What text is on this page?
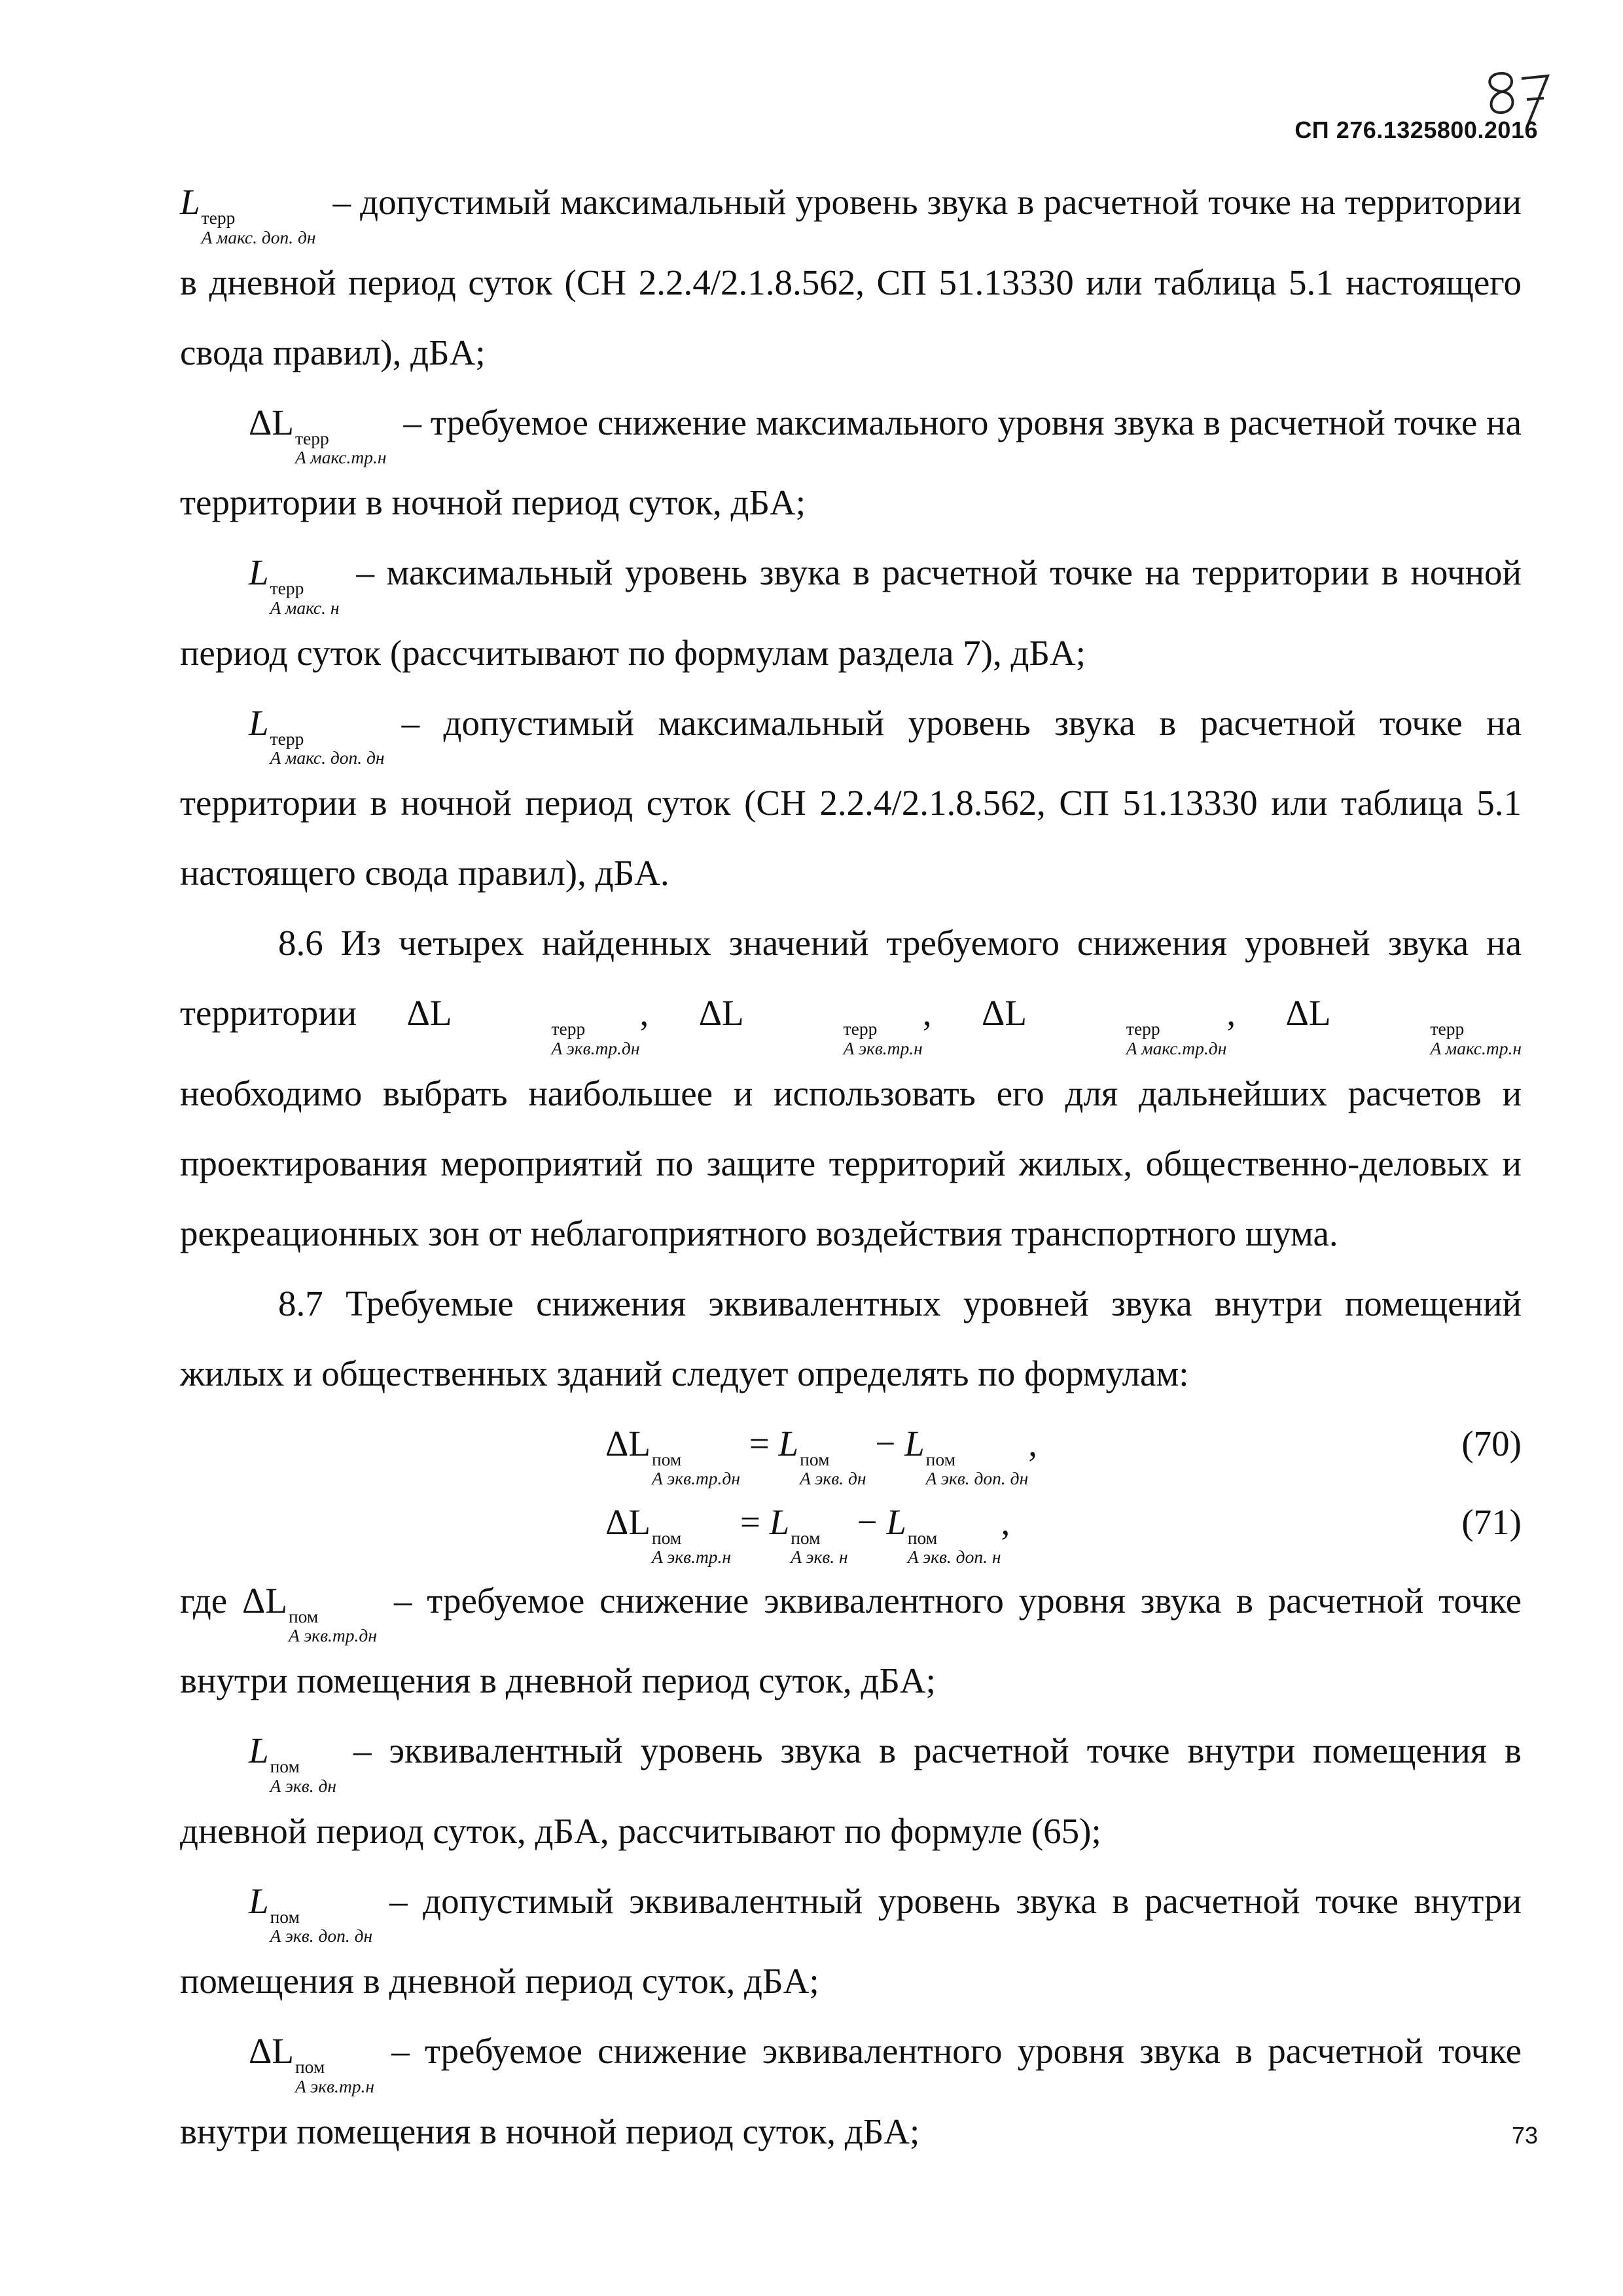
СП 276.1325800.2016

L терр
A макс. доп. дн
– допустимый максимальный уровень звука в расчетной точке на территории в дневной период суток (СН 2.2.4/2.1.8.562, СП 51.13330 или таблица 5.1 настоящего свода правил), дБA;

ΔL терр
A макс.тр.н
– требуемое снижение максимального уровня звука в расчетной точке на территории в ночной период суток, дБA;

L терр
A макс. н
– максимальный уровень звука в расчетной точке на территории в ночной период суток (рассчитывают по формулам раздела 7), дБA;

L терр
A макс. доп. дн
– допустимый максимальный уровень звука в расчетной точке на территории в ночной период суток (СН 2.2.4/2.1.8.562, СП 51.13330 или таблица 5.1 настоящего свода правил), дБA.

8.6 Из четырех найденных значений требуемого снижения уровней звука на территории ΔL	терр
A экв.тр.дн
, ΔL	терр
A экв.тр.н
, ΔL	терр
A макс.тр.дн
, ΔL	терр
A макс.тр.н
необходимо выбрать наибольшее и использовать его для дальнейших расчетов и проектирования мероприятий по защите территорий жилых, общественно-деловых и рекреационных зон от неблагоприятного воздействия транспортного шума.

8.7 Требуемые снижения эквивалентных уровней звука внутри помещений жилых и общественных зданий следует определять по формулам:

ΔL пом
A экв.тр.дн
= L пом
A экв. дн
− L пом
A экв. доп. дн
,	(70)
ΔL пом
A экв.тр.н
= L пом
A экв. н
− L пом
A экв. доп. н
,	(71)

где ΔL пом
A экв.тр.дн
– требуемое снижение эквивалентного уровня звука в расчетной точке внутри помещения в дневной период суток, дБA;

L пом
A экв. дн
– эквивалентный уровень звука в расчетной точке внутри помещения в дневной период суток, дБA, рассчитывают по формуле (65);

L пом
A экв. доп. дн
– допустимый эквивалентный уровень звука в расчетной точке внутри помещения в дневной период суток, дБA;

ΔL пом
A экв.тр.н
– требуемое снижение эквивалентного уровня звука в расчетной точке внутри помещения в ночной период суток, дБA;	73
